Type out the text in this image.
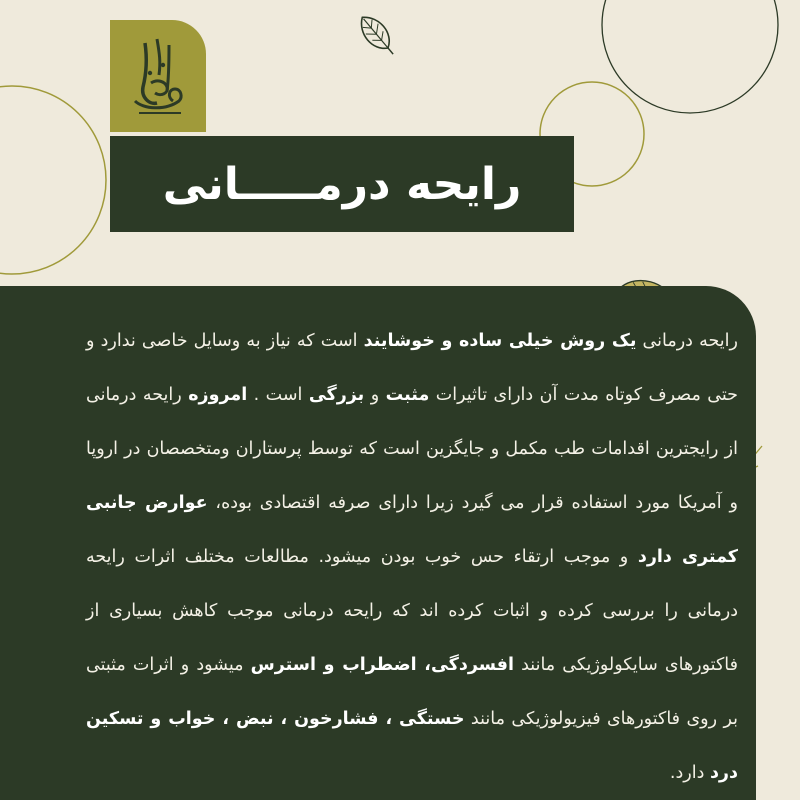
رایحه درمـــــانی
رایحه درمانی یک روش خیلی ساده و خوشایند است که نیاز به وسایل خاصی ندارد و حتی مصرف کوتاه مدت آن دارای تاثیرات مثبت و بزرگی است . امروزه رایحه درمانی از رایجترین اقدامات طب مکمل و جایگزین است که توسط پرستاران ومتخصصان در اروپا و آمریکا مورد استفاده قرار می گیرد زیرا دارای صرفه اقتصادی بوده، عوارض جانبی کمتری دارد و موجب ارتقاء حس خوب بودن میشود. مطالعات مختلف اثرات رایحه درمانی را بررسی کرده و اثبات کرده اند که رایحه درمانی موجب کاهش بسیاری از فاکتورهای سایکولوژیکی مانند افسردگی، اضطراب و استرس میشود و اثرات مثبتی بر روی فاکتورهای فیزیولوژیکی مانند خستگی ، فشارخون ، نبض ، خواب و تسکین درد دارد.
